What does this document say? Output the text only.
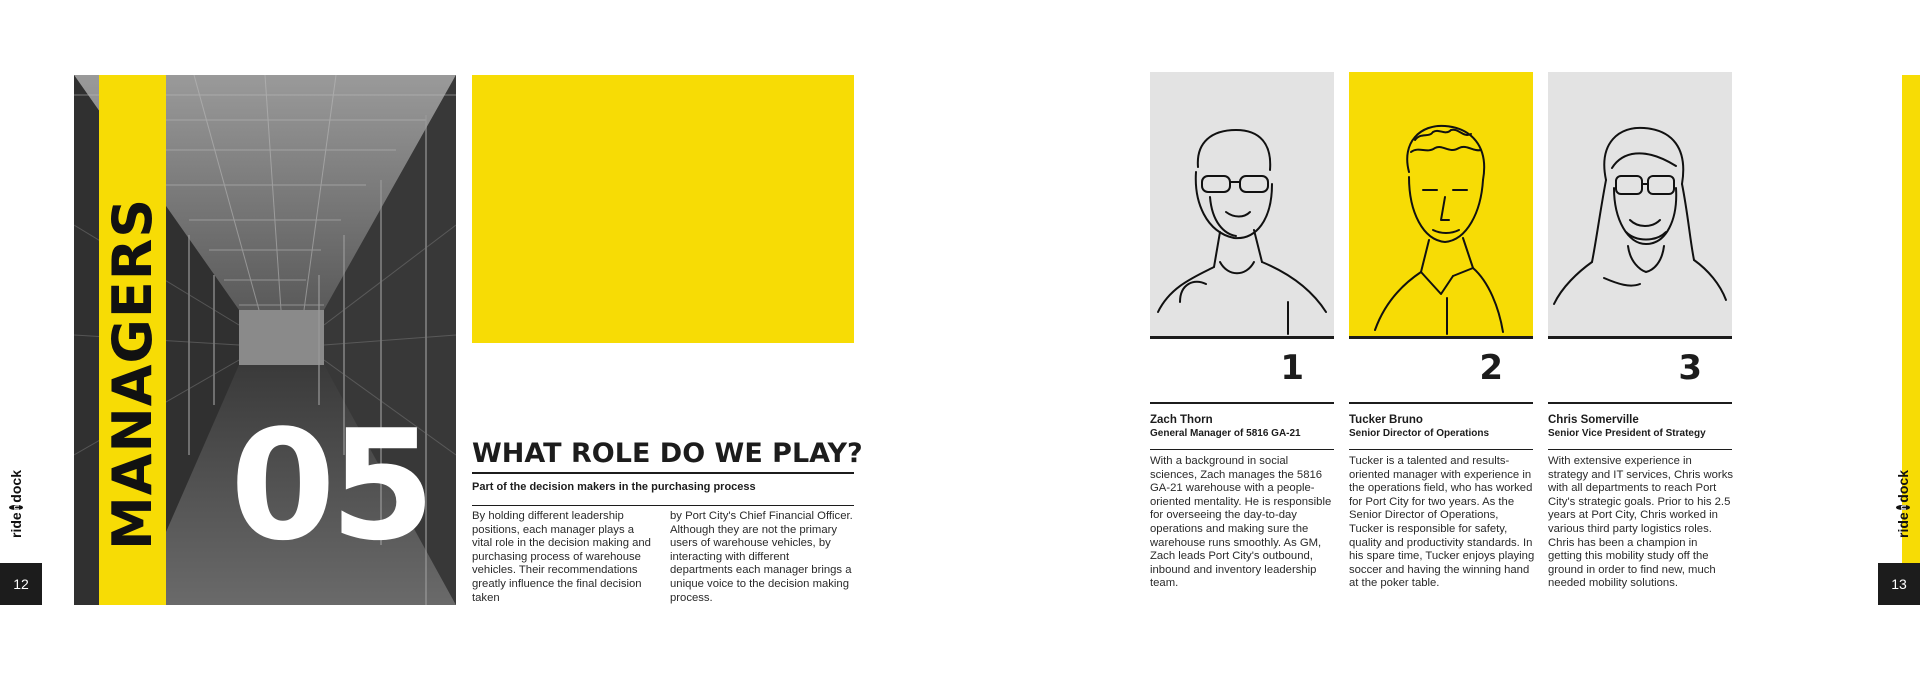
ride
n
dock
12
MANAGERS 05 WHAT ROLE DO WE PLAY?
Part of the decision makers in the purchasing process
By holding different leadership positions, each manager plays a vital role in the decision making and purchasing process of warehouse vehicles. Their recommendations greatly influence the final decision taken
by Port City's Chief Financial Officer. Although they are not the primary users of warehouse vehicles, by interacting with different departments each manager brings a unique voice to the decision making process.
1
Zach Thorn
General Manager of 5816 GA-21
With a background in social sciences, Zach manages the 5816 GA-21 warehouse with a people-oriented mentality. He is responsible for overseeing the day-to-day operations and making sure the warehouse runs smoothly. As GM, Zach leads Port City's outbound, inbound and inventory leadership team.
2
Tucker Bruno
Senior Director of Operations
Tucker is a talented and results-oriented manager with experience in the operations field, who has worked for Port City for two years. As the Senior Director of Operations, Tucker is responsible for safety, quality and productivity standards. In his spare time, Tucker enjoys playing soccer and having the winning hand at the poker table.
3
Chris Somerville
Senior Vice President of Strategy
With extensive experience in strategy and IT services, Chris works with all departments to reach Port City's strategic goals. Prior to his 2.5 years at Port City, Chris worked in various third party logistics roles. Chris has been a champion in getting this mobility study off the ground in order to find new, much needed mobility solutions.
ride
n
dock
13
